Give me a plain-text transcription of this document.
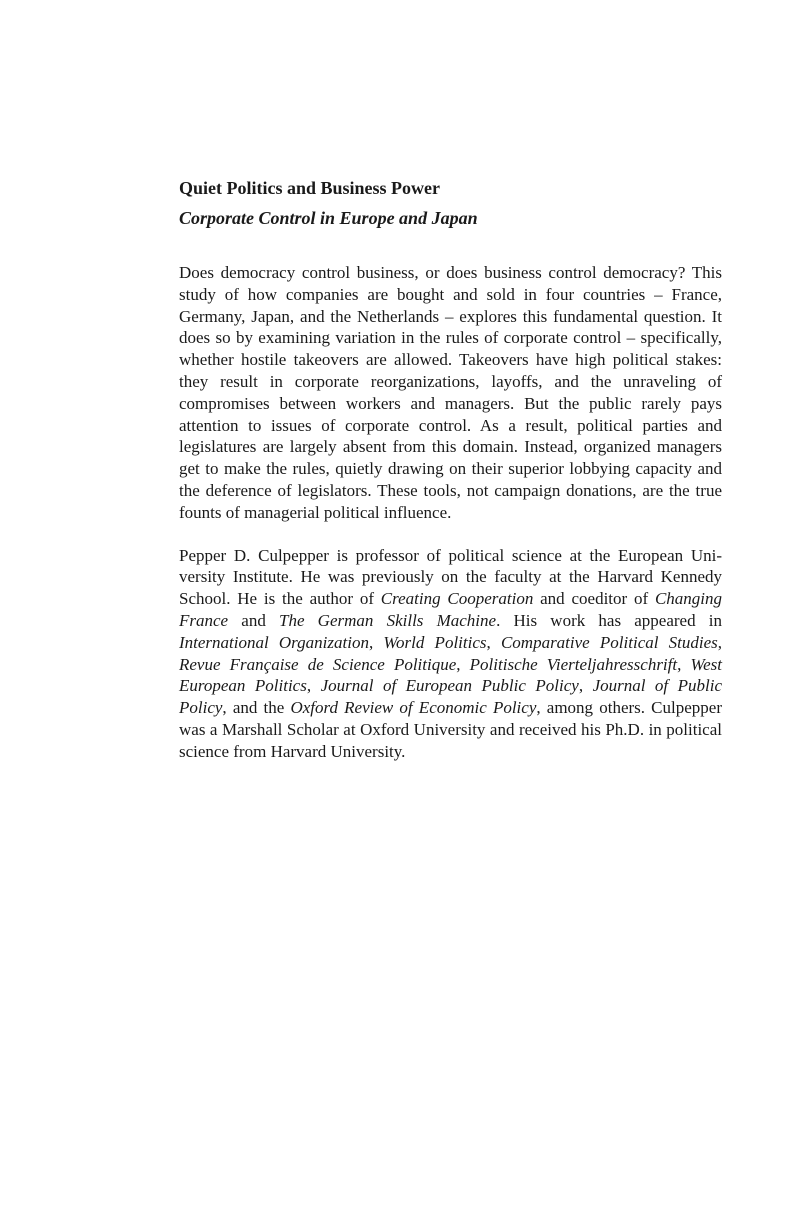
Quiet Politics and Business Power
Corporate Control in Europe and Japan

Does democracy control business, or does business control democracy? This study of how companies are bought and sold in four countries – France, Germany, Japan, and the Netherlands – explores this fundamental question. It does so by examining variation in the rules of corporate control – specifically, whether hostile takeovers are allowed. Takeovers have high political stakes: they result in corporate reorganizations, layoffs, and the unraveling of compromises between workers and managers. But the public rarely pays attention to issues of corporate control. As a result, political parties and legislatures are largely absent from this domain. Instead, organized managers get to make the rules, quietly drawing on their superior lobbying capacity and the deference of legislators. These tools, not campaign donations, are the true founts of managerial political influence.

Pepper D. Culpepper is professor of political science at the European University Institute. He was previously on the faculty at the Harvard Kennedy School. He is the author of Creating Cooperation and coeditor of Changing France and The German Skills Machine. His work has appeared in International Organization, World Politics, Comparative Political Studies, Revue Française de Science Politique, Politische Vierteljahresschrift, West European Politics, Journal of European Public Policy, Journal of Public Policy, and the Oxford Review of Economic Policy, among others. Culpepper was a Marshall Scholar at Oxford University and received his Ph.D. in political science from Harvard University.
